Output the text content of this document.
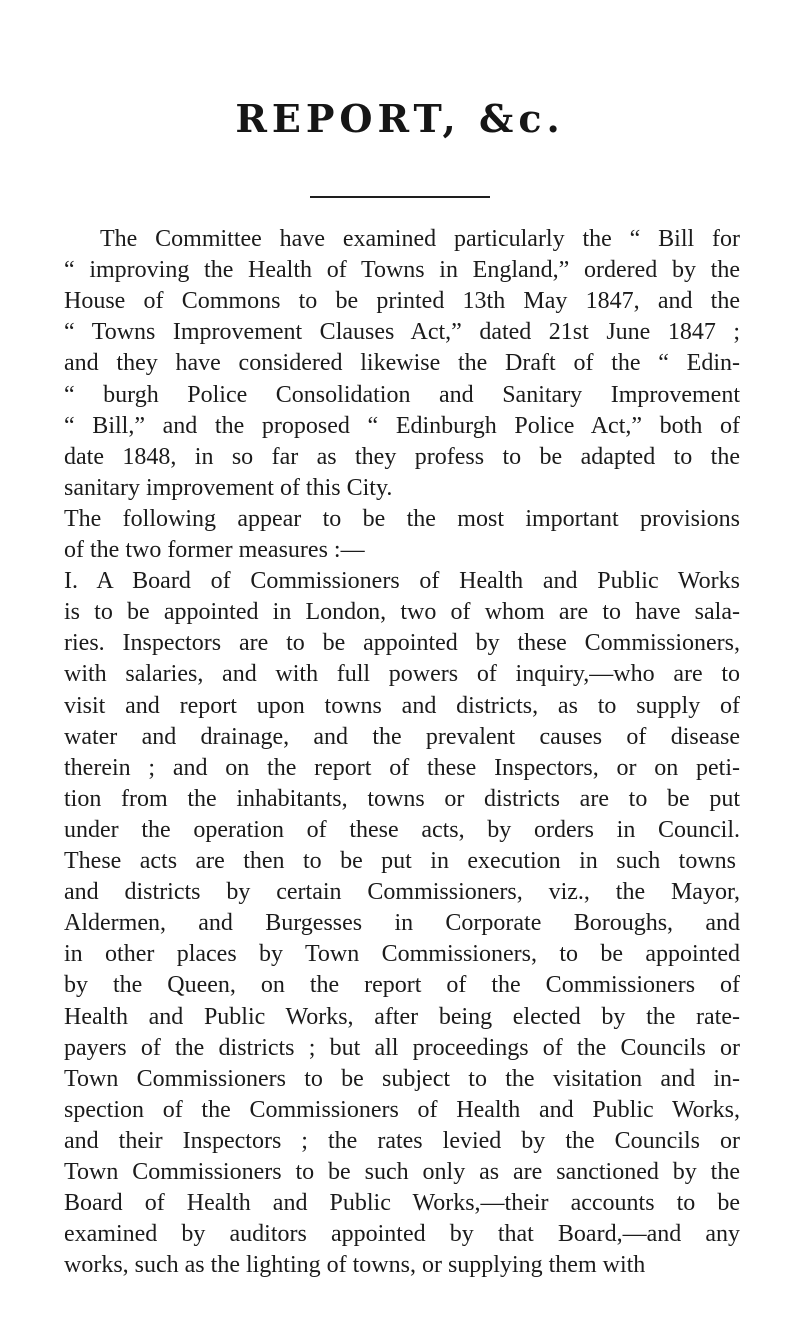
REPORT, &c.
The Committee have examined particularly the “ Bill for
“ improving the Health of Towns in England,” ordered by the
House of Commons to be printed 13th May 1847, and the
“ Towns Improvement Clauses Act,” dated 21st June 1847 ;
and they have considered likewise the Draft of the “ Edin-
“ burgh Police Consolidation and Sanitary Improvement
“ Bill,” and the proposed “ Edinburgh Police Act,” both of
date 1848, in so far as they profess to be adapted to the
sanitary improvement of this City.
The following appear to be the most important provisions
of the two former measures :—
I. A Board of Commissioners of Health and Public Works
is to be appointed in London, two of whom are to have sala-
ries. Inspectors are to be appointed by these Commissioners,
with salaries, and with full powers of inquiry,—who are to
visit and report upon towns and districts, as to supply of
water and drainage, and the prevalent causes of disease
therein ; and on the report of these Inspectors, or on peti-
tion from the inhabitants, towns or districts are to be put
under the operation of these acts, by orders in Council.
These acts are then to be put in execution in such towns
and districts by certain Commissioners, viz., the Mayor,
Aldermen, and Burgesses in Corporate Boroughs, and
in other places by Town Commissioners, to be appointed
by the Queen, on the report of the Commissioners of
Health and Public Works, after being elected by the rate-
payers of the districts ; but all proceedings of the Councils or
Town Commissioners to be subject to the visitation and in-
spection of the Commissioners of Health and Public Works,
and their Inspectors ; the rates levied by the Councils or
Town Commissioners to be such only as are sanctioned by the
Board of Health and Public Works,—their accounts to be
examined by auditors appointed by that Board,—and any
works, such as the lighting of towns, or supplying them with
